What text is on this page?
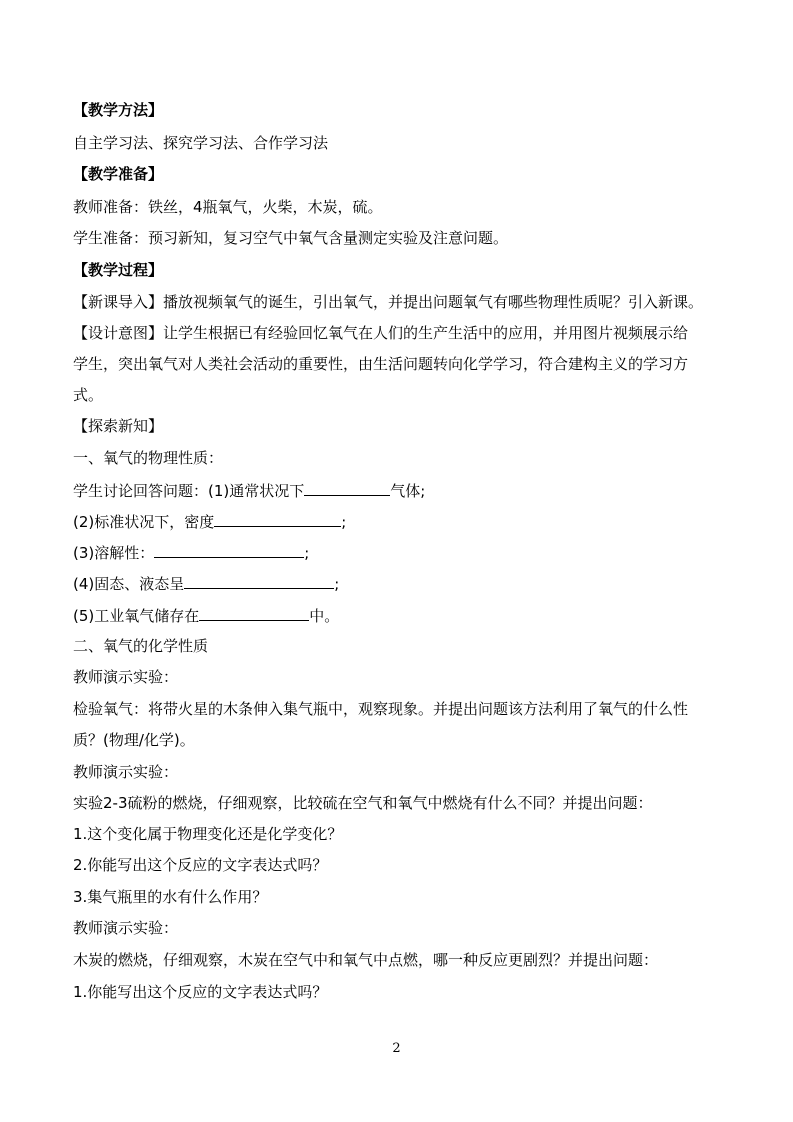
【教学方法】
自主学习法、探究学习法、合作学习法
【教学准备】
教师准备：铁丝，4瓶氧气，火柴，木炭，硫。
学生准备：预习新知，复习空气中氧气含量测定实验及注意问题。
【教学过程】
【新课导入】播放视频氧气的诞生，引出氧气，并提出问题氧气有哪些物理性质呢？引入新课。
【设计意图】让学生根据已有经验回忆氧气在人们的生产生活中的应用，并用图片视频展示给
学生，突出氧气对人类社会活动的重要性，由生活问题转向化学学习，符合建构主义的学习方
式。
【探索新知】
一、氧气的物理性质：
学生讨论回答问题：(1)通常状况下	气体;
(2)标准状况下，密度	;
(3)溶解性：	;
(4)固态、液态呈	;
(5)工业氧气储存在	中。
二、氧气的化学性质
教师演示实验：
检验氧气：将带火星的木条伸入集气瓶中，观察现象。并提出问题该方法利用了氧气的什么性
质？(物理/化学)。
教师演示实验：
实验2-3硫粉的燃烧，仔细观察，比较硫在空气和氧气中燃烧有什么不同？并提出问题：
1.这个变化属于物理变化还是化学变化？
2.你能写出这个反应的文字表达式吗？
3.集气瓶里的水有什么作用？
教师演示实验：
木炭的燃烧，仔细观察，木炭在空气中和氧气中点燃，哪一种反应更剧烈？并提出问题：
1.你能写出这个反应的文字表达式吗？
2
